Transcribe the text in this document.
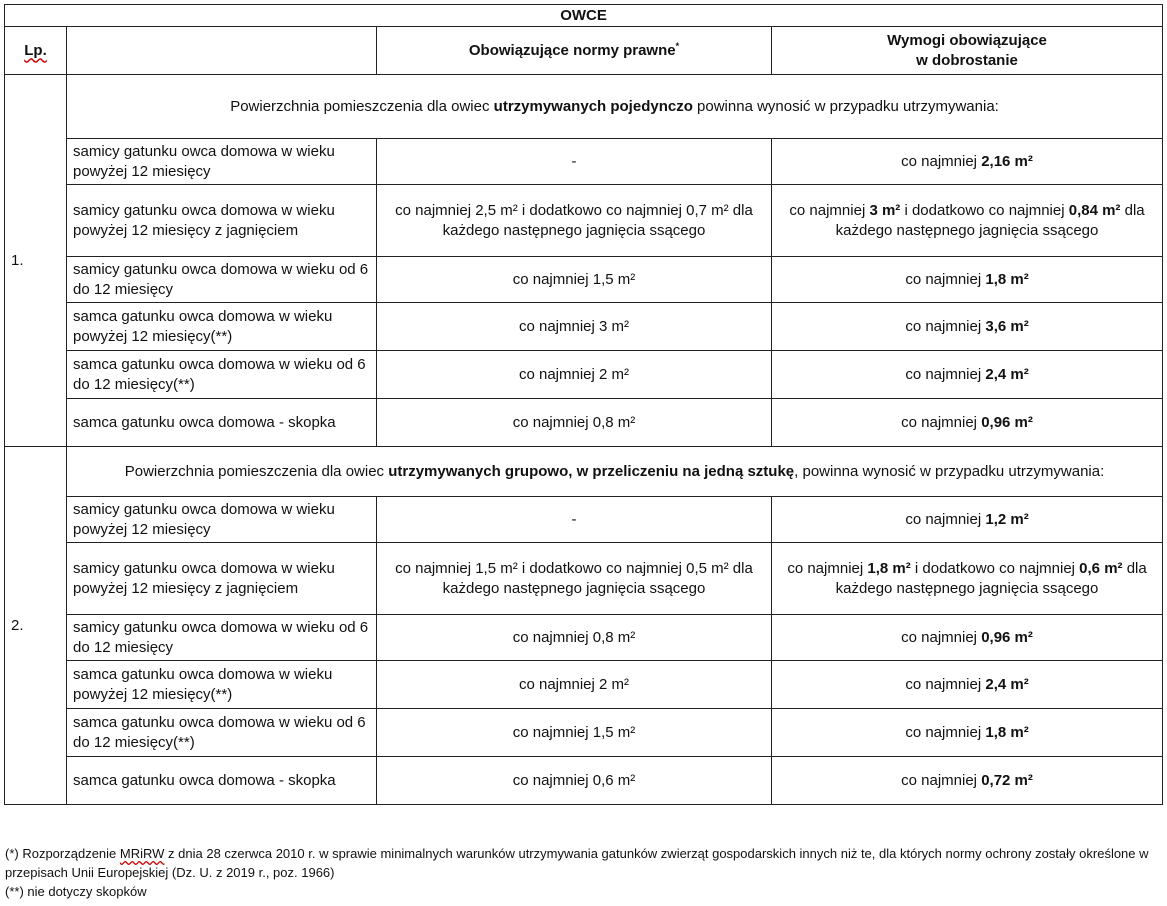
OWCE			
Lp.		Obowiązujące normy prawne*	Wymogi obowiązujące
w dobrostanie
1.	Powierzchnia pomieszczenia dla owiec utrzymywanych pojedynczo powinna wynosić w przypadku utrzymywania:		
	samicy gatunku owca domowa w wieku powyżej 12 miesięcy	-	co najmniej 2,16 m²
	samicy gatunku owca domowa w wieku powyżej 12 miesięcy z jagnięciem	co najmniej 2,5 m² i dodatkowo co najmniej 0,7 m² dla każdego następnego jagnięcia ssącego	co najmniej 3 m² i dodatkowo co najmniej 0,84 m² dla każdego następnego jagnięcia ssącego
	samicy gatunku owca domowa w wieku od 6 do 12 miesięcy	co najmniej 1,5 m²	co najmniej 1,8 m²
	samca gatunku owca domowa w wieku powyżej 12 miesięcy(**)	co najmniej 3 m²	co najmniej 3,6 m²
	samca gatunku owca domowa w wieku od 6 do 12 miesięcy(**)	co najmniej 2 m²	co najmniej 2,4 m²
	samca gatunku owca domowa - skopka	co najmniej 0,8 m²	co najmniej 0,96 m²
2.	Powierzchnia pomieszczenia dla owiec utrzymywanych grupowo, w przeliczeniu na jedną sztukę, powinna wynosić w przypadku utrzymywania:		
	samicy gatunku owca domowa w wieku powyżej 12 miesięcy	-	co najmniej 1,2 m²
	samicy gatunku owca domowa w wieku powyżej 12 miesięcy z jagnięciem	co najmniej 1,5 m² i dodatkowo co najmniej 0,5 m² dla każdego następnego jagnięcia ssącego	co najmniej 1,8 m² i dodatkowo co najmniej 0,6 m² dla każdego następnego jagnięcia ssącego
	samicy gatunku owca domowa w wieku od 6 do 12 miesięcy	co najmniej 0,8 m²	co najmniej 0,96 m²
	samca gatunku owca domowa w wieku powyżej 12 miesięcy(**)	co najmniej 2 m²	co najmniej 2,4 m²
	samca gatunku owca domowa w wieku od 6 do 12 miesięcy(**)	co najmniej 1,5 m²	co najmniej 1,8 m²
	samca gatunku owca domowa - skopka	co najmniej 0,6 m²	co najmniej 0,72 m²
(*) Rozporządzenie MRiRW z dnia 28 czerwca 2010 r. w sprawie minimalnych warunków utrzymywania gatunków zwierząt gospodarskich innych niż te, dla których normy ochrony zostały określone w przepisach Unii Europejskiej (Dz. U. z 2019 r., poz. 1966)
(**) nie dotyczy skopków
